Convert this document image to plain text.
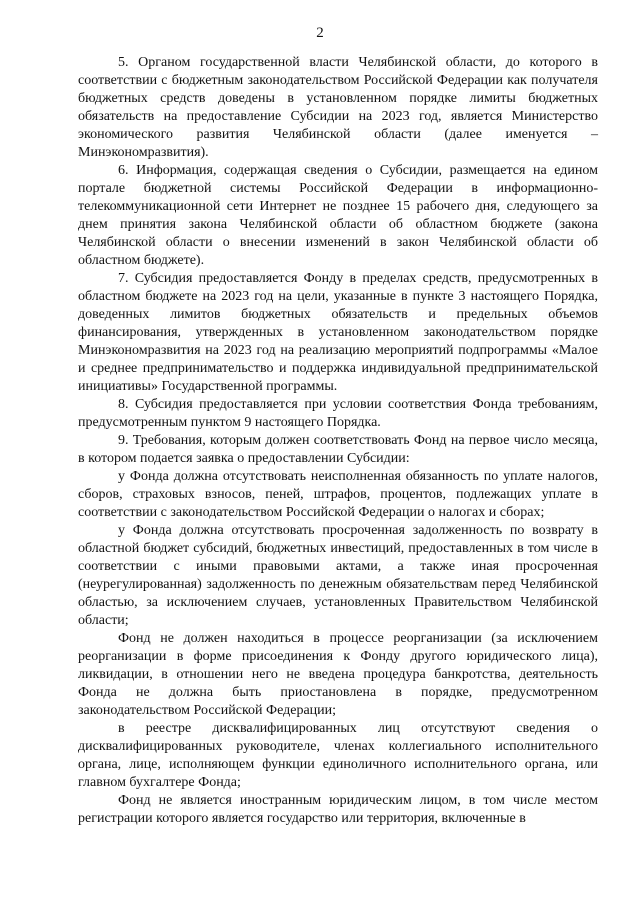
2

5. Органом государственной власти Челябинской области, до которого в соответствии с бюджетным законодательством Российской Федерации как получателя бюджетных средств доведены в установленном порядке лимиты бюджетных обязательств на предоставление Субсидии на 2023 год, является Министерство экономического развития Челябинской области (далее именуется – Минэкономразвития).

6. Информация, содержащая сведения о Субсидии, размещается на едином портале бюджетной системы Российской Федерации в информационно-телекоммуникационной сети Интернет не позднее 15 рабочего дня, следующего за днем принятия закона Челябинской области об областном бюджете (закона Челябинской области о внесении изменений в закон Челябинской области об областном бюджете).

7. Субсидия предоставляется Фонду в пределах средств, предусмотренных в областном бюджете на 2023 год на цели, указанные в пункте 3 настоящего Порядка, доведенных лимитов бюджетных обязательств и предельных объемов финансирования, утвержденных в установленном законодательством порядке Минэкономразвития на 2023 год на реализацию мероприятий подпрограммы «Малое и среднее предпринимательство и поддержка индивидуальной предпринимательской инициативы» Государственной программы.

8. Субсидия предоставляется при условии соответствия Фонда требованиям, предусмотренным пунктом 9 настоящего Порядка.

9. Требования, которым должен соответствовать Фонд на первое число месяца, в котором подается заявка о предоставлении Субсидии:

у Фонда должна отсутствовать неисполненная обязанность по уплате налогов, сборов, страховых взносов, пеней, штрафов, процентов, подлежащих уплате в соответствии с законодательством Российской Федерации о налогах и сборах;

у Фонда должна отсутствовать просроченная задолженность по возврату в областной бюджет субсидий, бюджетных инвестиций, предоставленных в том числе в соответствии с иными правовыми актами, а также иная просроченная (неурегулированная) задолженность по денежным обязательствам перед Челябинской областью, за исключением случаев, установленных Правительством Челябинской области;

Фонд не должен находиться в процессе реорганизации (за исключением реорганизации в форме присоединения к Фонду другого юридического лица), ликвидации, в отношении него не введена процедура банкротства, деятельность Фонда не должна быть приостановлена в порядке, предусмотренном законодательством Российской Федерации;

в реестре дисквалифицированных лиц отсутствуют сведения о дисквалифицированных руководителе, членах коллегиального исполнительного органа, лице, исполняющем функции единоличного исполнительного органа, или главном бухгалтере Фонда;

Фонд не является иностранным юридическим лицом, в том числе местом регистрации которого является государство или территория, включенные в
